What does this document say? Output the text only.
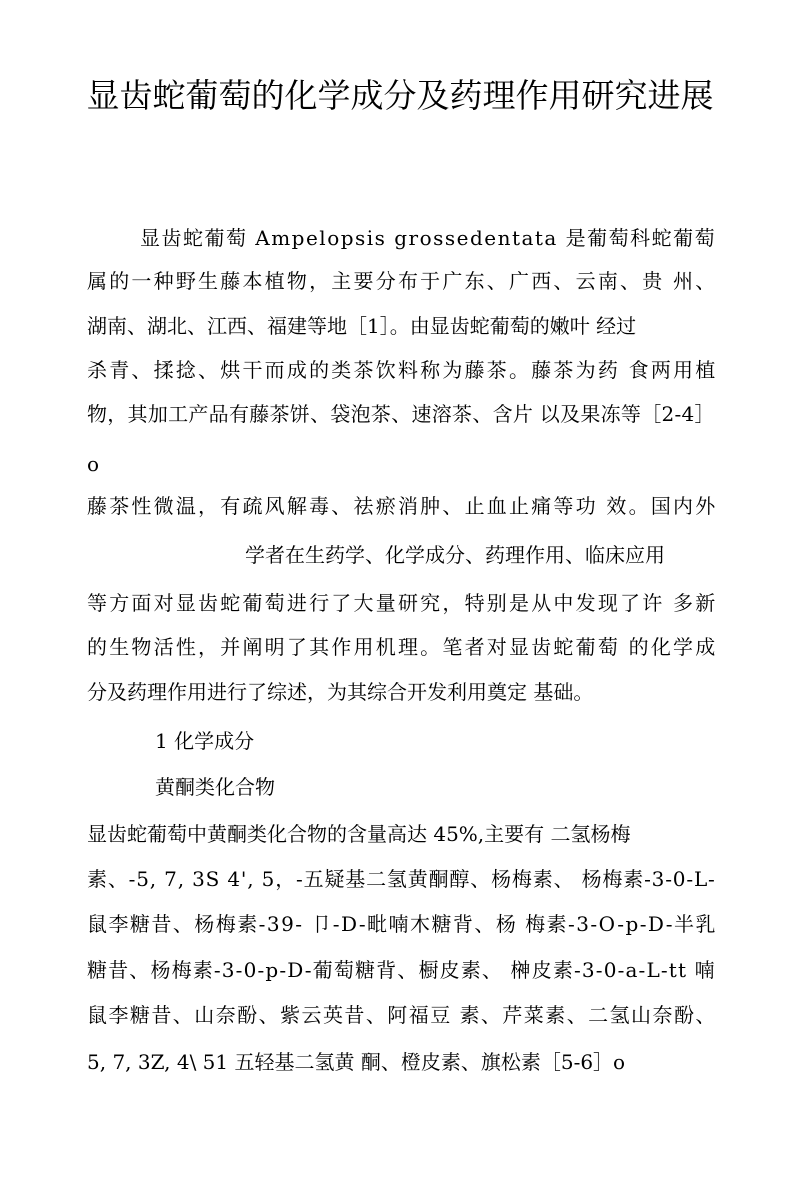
显齿蛇葡萄的化学成分及药理作用研究进展
显齿蛇葡萄 Ampelopsis grossedentata 是葡萄科蛇葡萄
属的一种野生藤本植物，主要分布于广东、广西、云南、贵 州、
湖南、湖北、江西、福建等地［1］。由显齿蛇葡萄的嫩叶 经过
杀青、揉捻、烘干而成的类茶饮料称为藤茶。藤茶为药 食两用植
物，其加工产品有藤茶饼、袋泡茶、速溶茶、含片 以及果冻等［2-4］
o
藤茶性微温，有疏风解毒、祛瘀消肿、止血止痛等功 效。国内外
学者在生药学、化学成分、药理作用、临床应用
等方面对显齿蛇葡萄进行了大量研究，特别是从中发现了许 多新
的生物活性，并阐明了其作用机理。笔者对显齿蛇葡萄 的化学成
分及药理作用进行了综述，为其综合开发利用奠定 基础。
1 化学成分
黄酮类化合物
显齿蛇葡萄中黄酮类化合物的含量高达 45%,主要有 二氢杨梅
素、-5, 7, 3S 4', 5，-五疑基二氢黄酮醇、杨梅素、 杨梅素-3-0-L-
鼠李糖昔、杨梅素-39- 卩-D-毗喃木糖背、杨 梅素-3-O-p-D-半乳
糖昔、杨梅素-3-0-p-D-葡萄糖背、橱皮素、 榊皮素-3-0-a-L-tt 喃
鼠李糖昔、山奈酚、紫云英昔、阿福豆 素、芹菜素、二氢山奈酚、
5, 7, 3Z, 4\ 51 五轻基二氢黄 酮、橙皮素、旗松素［5-6］o
